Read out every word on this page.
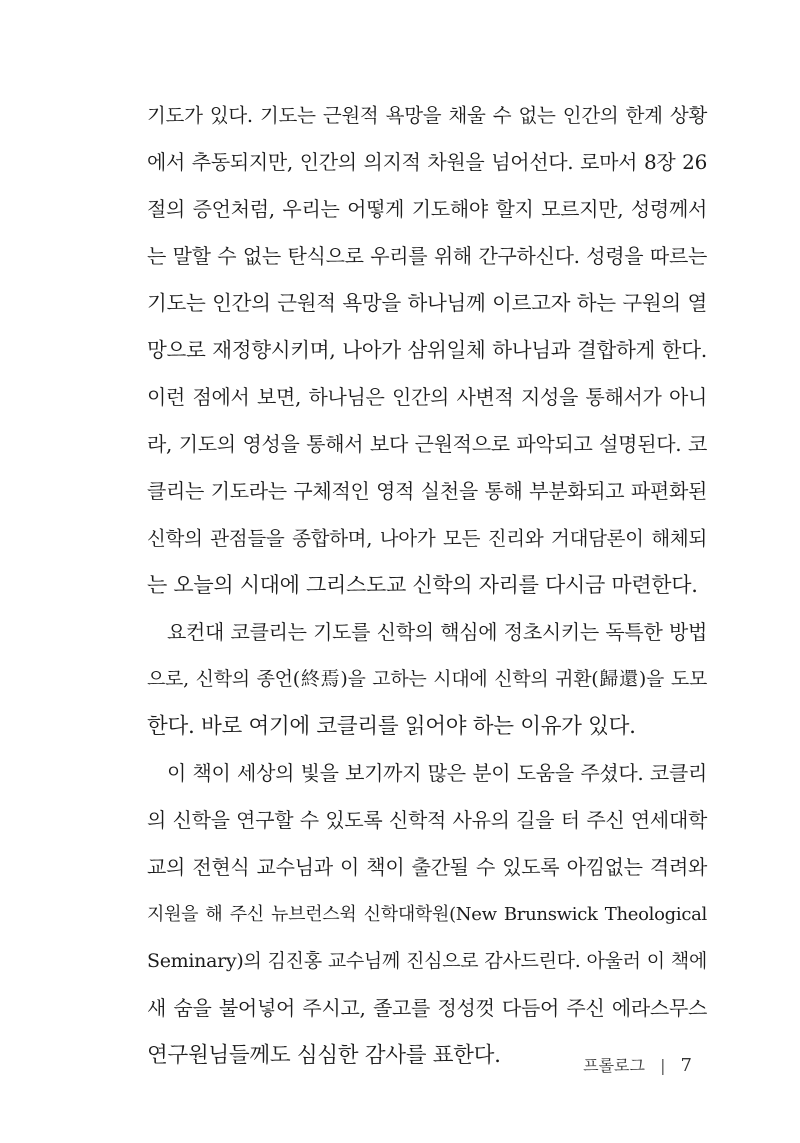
기도가 있다. 기도는 근원적 욕망을 채울 수 없는 인간의 한계 상황
에서 추동되지만, 인간의 의지적 차원을 넘어선다. 로마서 8장 26
절의 증언처럼, 우리는 어떻게 기도해야 할지 모르지만, 성령께서
는 말할 수 없는 탄식으로 우리를 위해 간구하신다. 성령을 따르는
기도는 인간의 근원적 욕망을 하나님께 이르고자 하는 구원의 열
망으로 재정향시키며, 나아가 삼위일체 하나님과 결합하게 한다.
이런 점에서 보면, 하나님은 인간의 사변적 지성을 통해서가 아니
라, 기도의 영성을 통해서 보다 근원적으로 파악되고 설명된다. 코
클리는 기도라는 구체적인 영적 실천을 통해 부분화되고 파편화된
신학의 관점들을 종합하며, 나아가 모든 진리와 거대담론이 해체되
는 오늘의 시대에 그리스도교 신학의 자리를 다시금 마련한다.
요컨대 코클리는 기도를 신학의 핵심에 정초시키는 독특한 방법
으로, 신학의 종언(終焉)을 고하는 시대에 신학의 귀환(歸還)을 도모
한다. 바로 여기에 코클리를 읽어야 하는 이유가 있다.
이 책이 세상의 빛을 보기까지 많은 분이 도움을 주셨다. 코클리
의 신학을 연구할 수 있도록 신학적 사유의 길을 터 주신 연세대학
교의 전현식 교수님과 이 책이 출간될 수 있도록 아낌없는 격려와
지원을 해 주신 뉴브런스윅 신학대학원(New Brunswick Theological
Seminary)의 김진홍 교수님께 진심으로 감사드린다. 아울러 이 책에
새 숨을 불어넣어 주시고, 졸고를 정성껏 다듬어 주신 에라스무스
연구원님들께도 심심한 감사를 표한다.	프롤로그 | 7
